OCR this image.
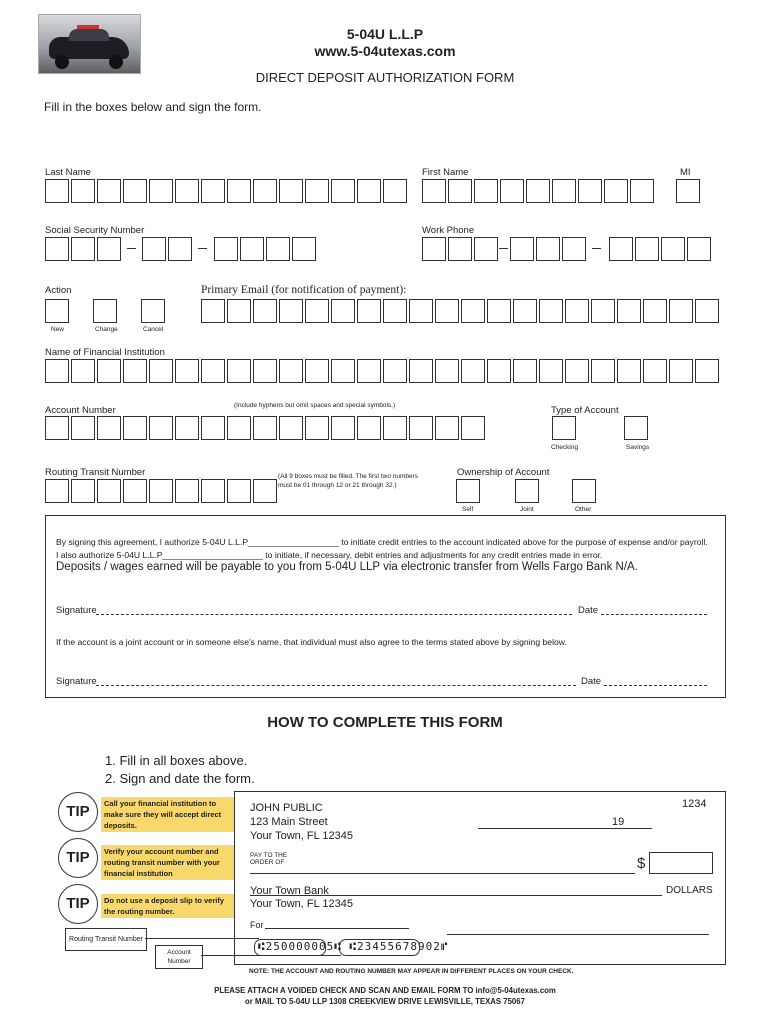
5-04U L.L.P
www.5-04utexas.com
DIRECT DEPOSIT AUTHORIZATION FORM
Fill in the boxes below and sign the form.
Last Name	First Name	MI
Social Security Number	Work Phone
Action
New	Change	Cancel
Primary Email (for notification of payment):
Name of Financial Institution
Account Number	(Include hyphens but omit spaces and special symbols.)	Type of Account
Checking	Savings
Routing Transit Number	(All 9 boxes must be filled. The first two numbers
must be 01 through 12 or 21 through 32.)
Ownership of Account
Self	Joint	Other
By signing this agreement, I authorize 5-04U L.L.P___________________ to initiate credit entries to the account indicated above for the purpose of expense and/or payroll.
I also authorize 5-04U L.L.P_____________________ to initiate, if necessary, debit entries and adjustments for any credit entries made in error.
Deposits / wages earned will be payable to you from 5-04U LLP via electronic transfer from Wells Fargo Bank N/A.
Signature	Date
If the account is a joint account or in someone else's name, that individual must also agree to the terms stated above by signing below.
Signature	Date
HOW TO COMPLETE THIS FORM
1. Fill in all boxes above.
2. Sign and date the form.
TIP	Call your financial institution to make sure they will accept direct deposits.
TIP	Verify your account number and routing transit number with your financial institution
TIP	Do not use a deposit slip to verify the routing number.
JOHN PUBLIC
123 Main Street
Your Town, FL 12345
1234
19
PAY TO THE
ORDER OF	$
DOLLARS
Your Town Bank
Your Town, FL 12345
For
⑆250000005⑆ ⑆23455678902⑈
Routing Transit Number
Account
Number
NOTE: THE ACCOUNT AND ROUTING NUMBER MAY APPEAR IN DIFFERENT PLACES ON YOUR CHECK.
PLEASE ATTACH A VOIDED CHECK AND SCAN AND EMAIL FORM TO info@5-04utexas.com
or MAIL TO 5-04U LLP 1308 CREEKVIEW DRIVE LEWISVILLE, TEXAS 75067
